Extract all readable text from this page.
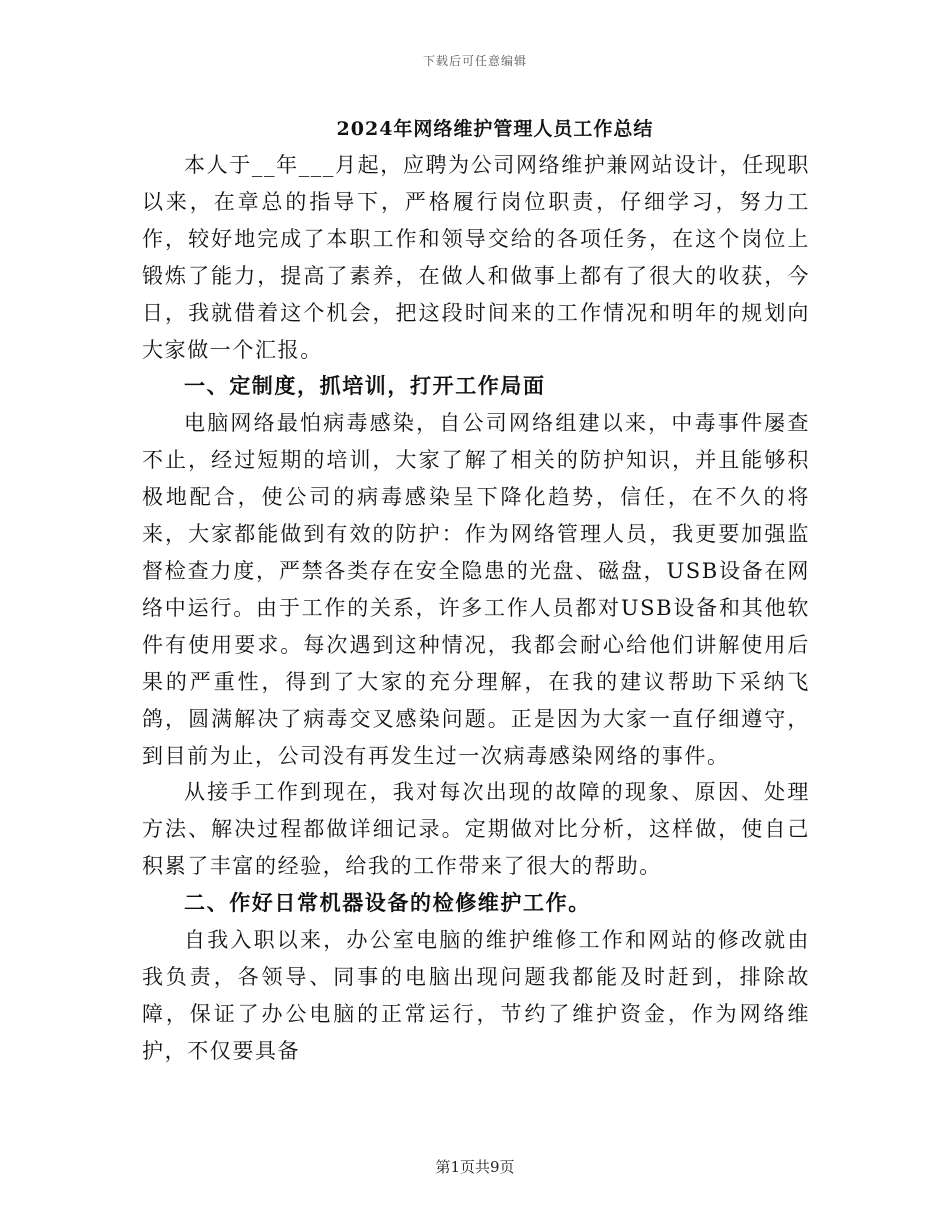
下载后可任意编辑
2024年网络维护管理人员工作总结

本人于__年___月起，应聘为公司网络维护兼网站设计，任现职以来，在章总的指导下，严格履行岗位职责，仔细学习，努力工作，较好地完成了本职工作和领导交给的各项任务，在这个岗位上锻炼了能力，提高了素养，在做人和做事上都有了很大的收获，今日，我就借着这个机会，把这段时间来的工作情况和明年的规划向大家做一个汇报。

一、定制度，抓培训，打开工作局面

电脑网络最怕病毒感染，自公司网络组建以来，中毒事件屡查不止，经过短期的培训，大家了解了相关的防护知识，并且能够积极地配合，使公司的病毒感染呈下降化趋势，信任，在不久的将来，大家都能做到有效的防护：作为网络管理人员，我更要加强监督检查力度，严禁各类存在安全隐患的光盘、磁盘，USB设备在网络中运行。由于工作的关系，许多工作人员都对USB设备和其他软件有使用要求。每次遇到这种情况，我都会耐心给他们讲解使用后果的严重性，得到了大家的充分理解，在我的建议帮助下采纳飞鸽，圆满解决了病毒交叉感染问题。正是因为大家一直仔细遵守，到目前为止，公司没有再发生过一次病毒感染网络的事件。

从接手工作到现在，我对每次出现的故障的现象、原因、处理方法、解决过程都做详细记录。定期做对比分析，这样做，使自己积累了丰富的经验，给我的工作带来了很大的帮助。

二、作好日常机器设备的检修维护工作。

自我入职以来，办公室电脑的维护维修工作和网站的修改就由我负责，各领导、同事的电脑出现问题我都能及时赶到，排除故障，保证了办公电脑的正常运行，节约了维护资金，作为网络维护，不仅要具备

第1页共9页
